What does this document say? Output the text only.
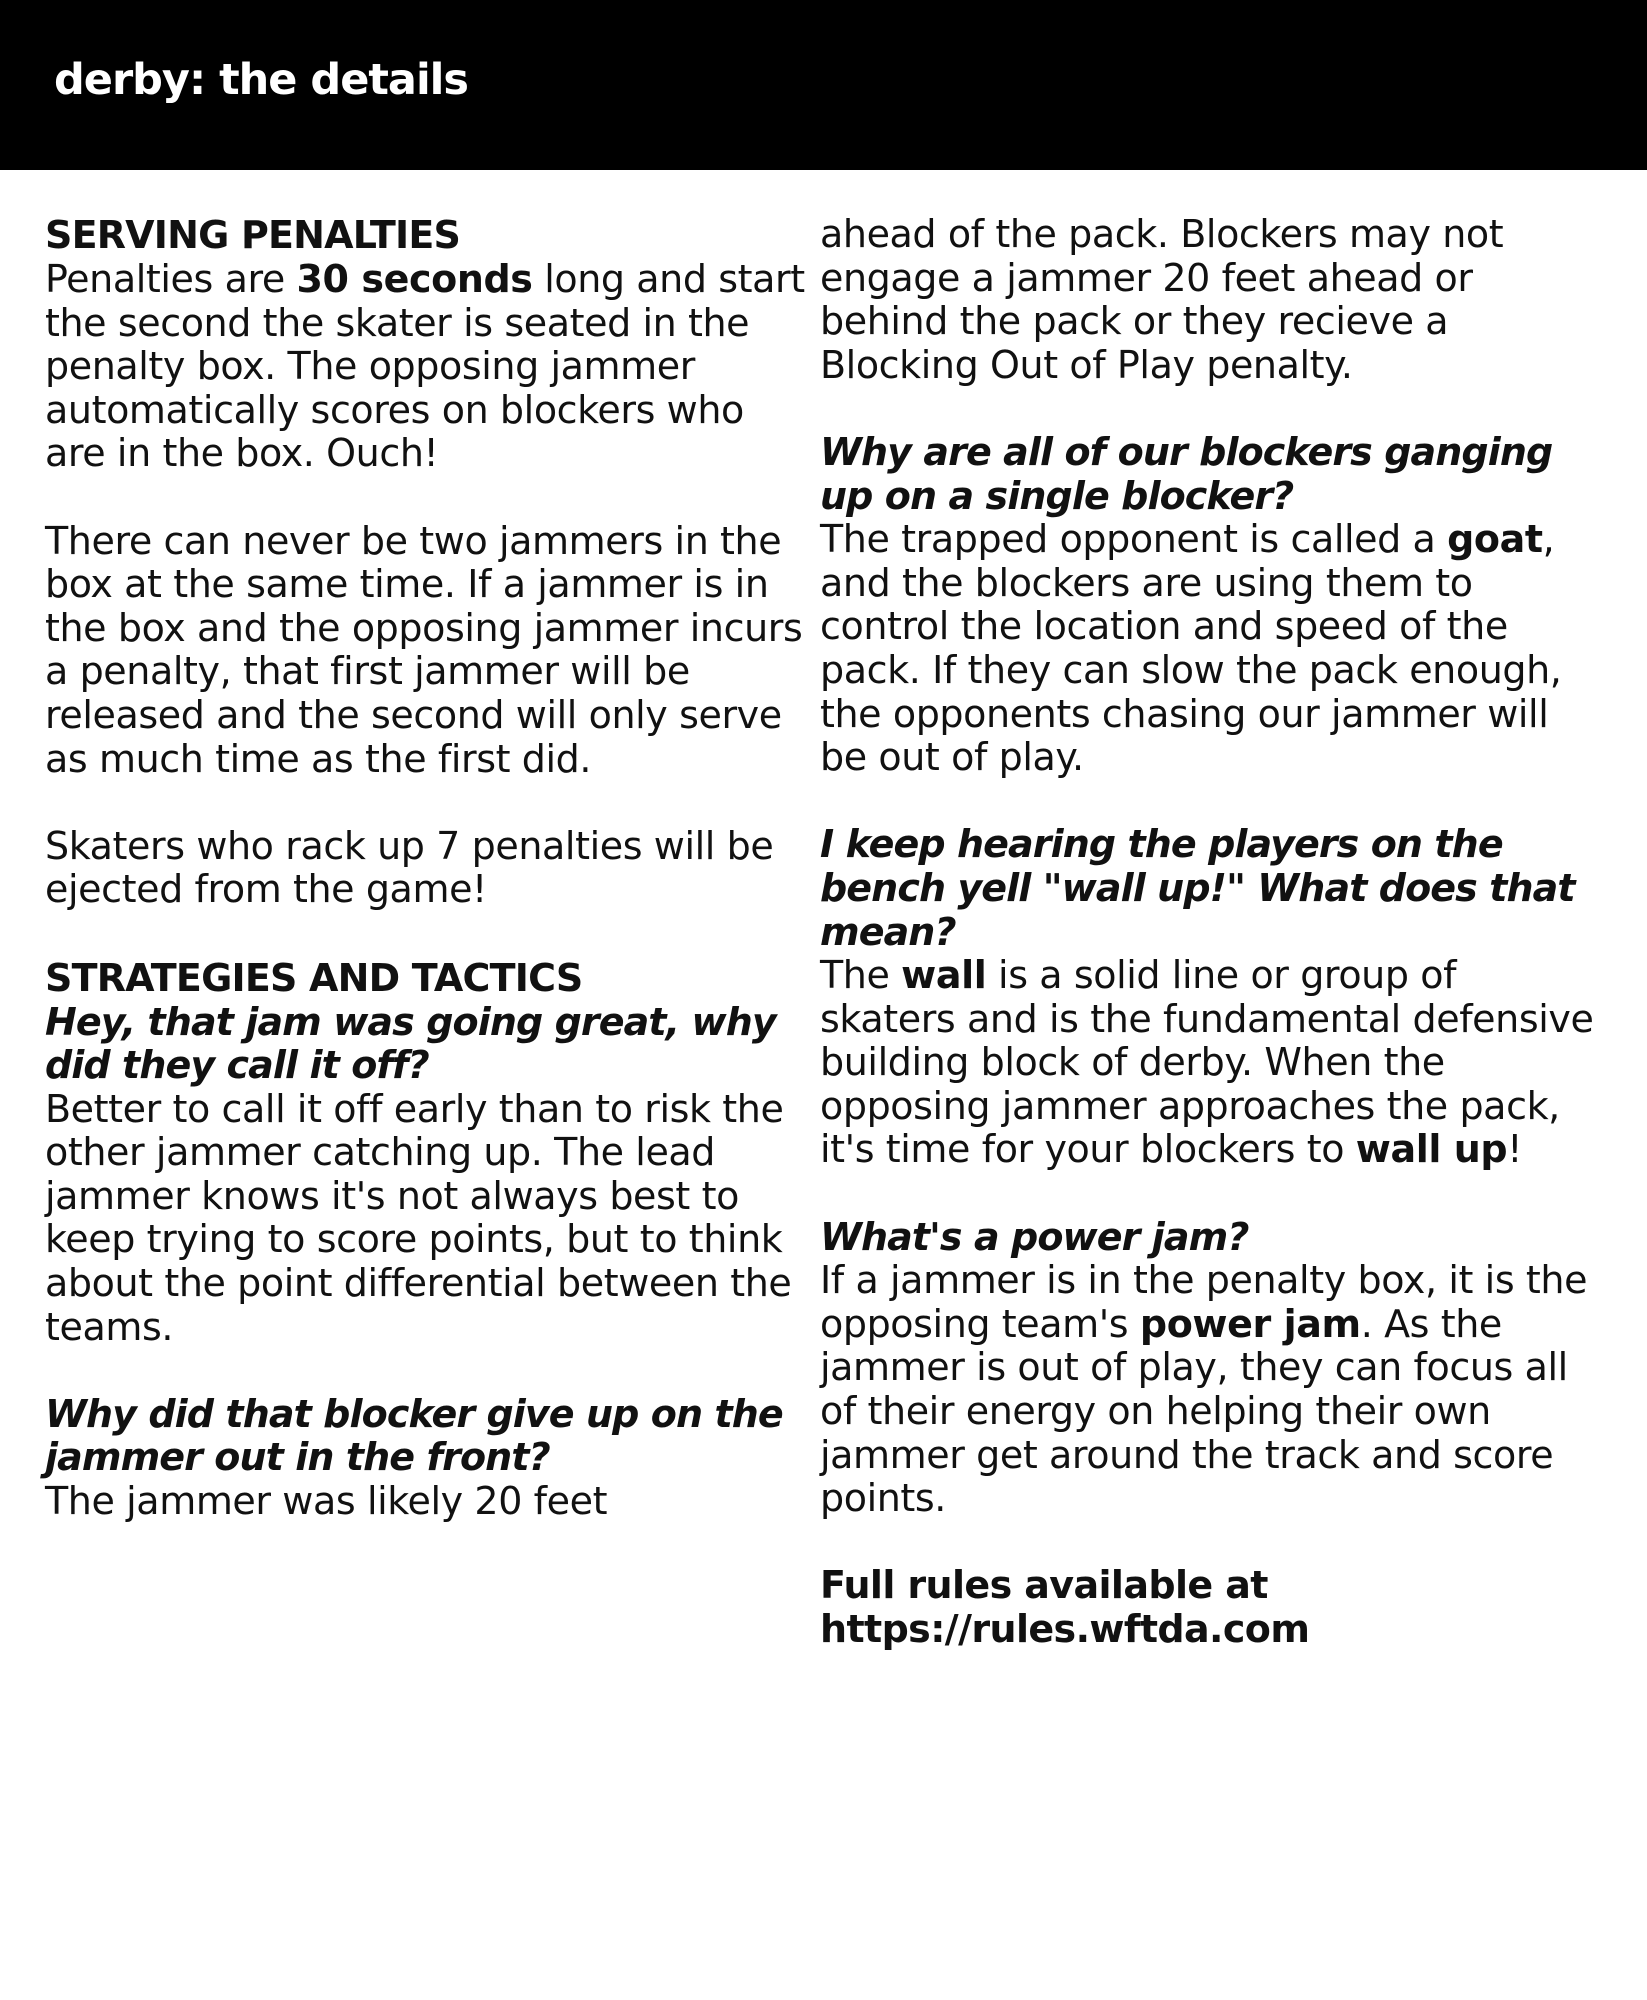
derby: the details
SERVING PENALTIES

Penalties are 30 seconds long and start the second the skater is seated in the penalty box. The opposing jammer automatically scores on blockers who are in the box. Ouch!

There can never be two jammers in the box at the same time. If a jammer is in the box and the opposing jammer incurs a penalty, that first jammer will be released and the second will only serve as much time as the first did.

Skaters who rack up 7 penalties will be ejected from the game!

STRATEGIES AND TACTICS

Hey, that jam was going great, why did they call it off?

Better to call it off early than to risk the other jammer catching up. The lead jammer knows it's not always best to keep trying to score points, but to think about the point differential between the teams.

Why did that blocker give up on the jammer out in the front?

The jammer was likely 20 feet

ahead of the pack. Blockers may not engage a jammer 20 feet ahead or behind the pack or they recieve a Blocking Out of Play penalty.

Why are all of our blockers ganging up on a single blocker?

The trapped opponent is called a goat, and the blockers are using them to control the location and speed of the pack. If they can slow the pack enough, the opponents chasing our jammer will be out of play.

I keep hearing the players on the bench yell "wall up!" What does that mean?

The wall is a solid line or group of skaters and is the fundamental defensive building block of derby. When the opposing jammer approaches the pack, it's time for your blockers to wall up!

What's a power jam?

If a jammer is in the penalty box, it is the opposing team's power jam. As the jammer is out of play, they can focus all of their energy on helping their own jammer get around the track and score points.

Full rules available at

https://rules.wftda.com
